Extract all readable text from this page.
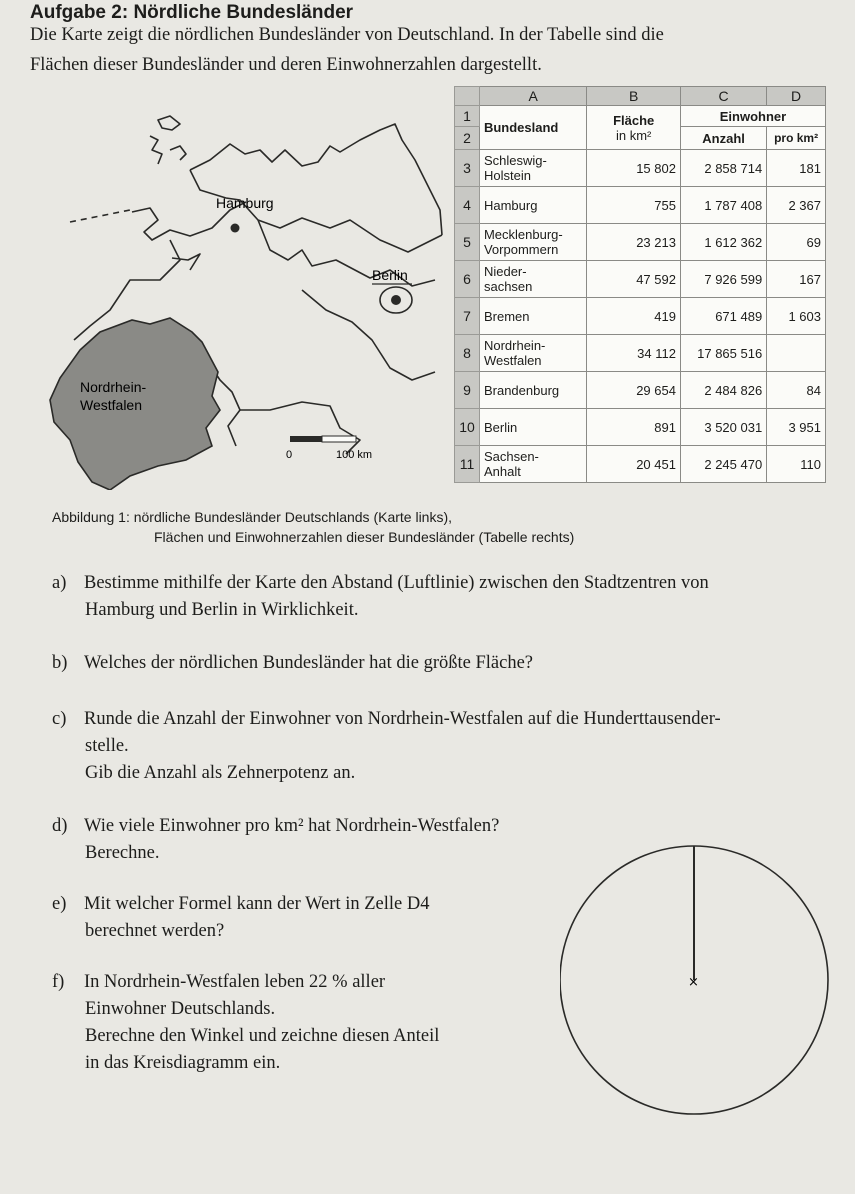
Aufgabe 2: Nördliche Bundesländer
Die Karte zeigt die nördlichen Bundesländer von Deutschland. In der Tabelle sind die
Flächen dieser Bundesländer und deren Einwohnerzahlen dargestellt.
Hamburg
Berlin
Nordrhein-
Westfalen
0	100 km
	A	B	C	D
1	Bundesland	Fläche
in km²	Einwohner	
2			Anzahl	pro km²
3	Schleswig-
Holstein	15 802	2 858 714	181
4	Hamburg	755	1 787 408	2 367
5	Mecklenburg-
Vorpommern	23 213	1 612 362	69
6	Nieder-
sachsen	47 592	7 926 599	167
7	Bremen	419	671 489	1 603
8	Nordrhein-
Westfalen	34 112	17 865 516	
9	Brandenburg	29 654	2 484 826	84
10	Berlin	891	3 520 031	3 951
11	Sachsen-
Anhalt	20 451	2 245 470	110
Abbildung 1: nördliche Bundesländer Deutschlands (Karte links),
Flächen und Einwohnerzahlen dieser Bundesländer (Tabelle rechts)
a) Bestimme mithilfe der Karte den Abstand (Luftlinie) zwischen den Stadtzentren von
Hamburg und Berlin in Wirklichkeit.
b) Welches der nördlichen Bundesländer hat die größte Fläche?
c) Runde die Anzahl der Einwohner von Nordrhein-Westfalen auf die Hunderttausender-
stelle.
Gib die Anzahl als Zehnerpotenz an.
d) Wie viele Einwohner pro km² hat Nordrhein-Westfalen?
Berechne.
e) Mit welcher Formel kann der Wert in Zelle D4
berechnet werden?
f) In Nordrhein-Westfalen leben 22 % aller
Einwohner Deutschlands.
Berechne den Winkel und zeichne diesen Anteil
in das Kreisdiagramm ein.
×
